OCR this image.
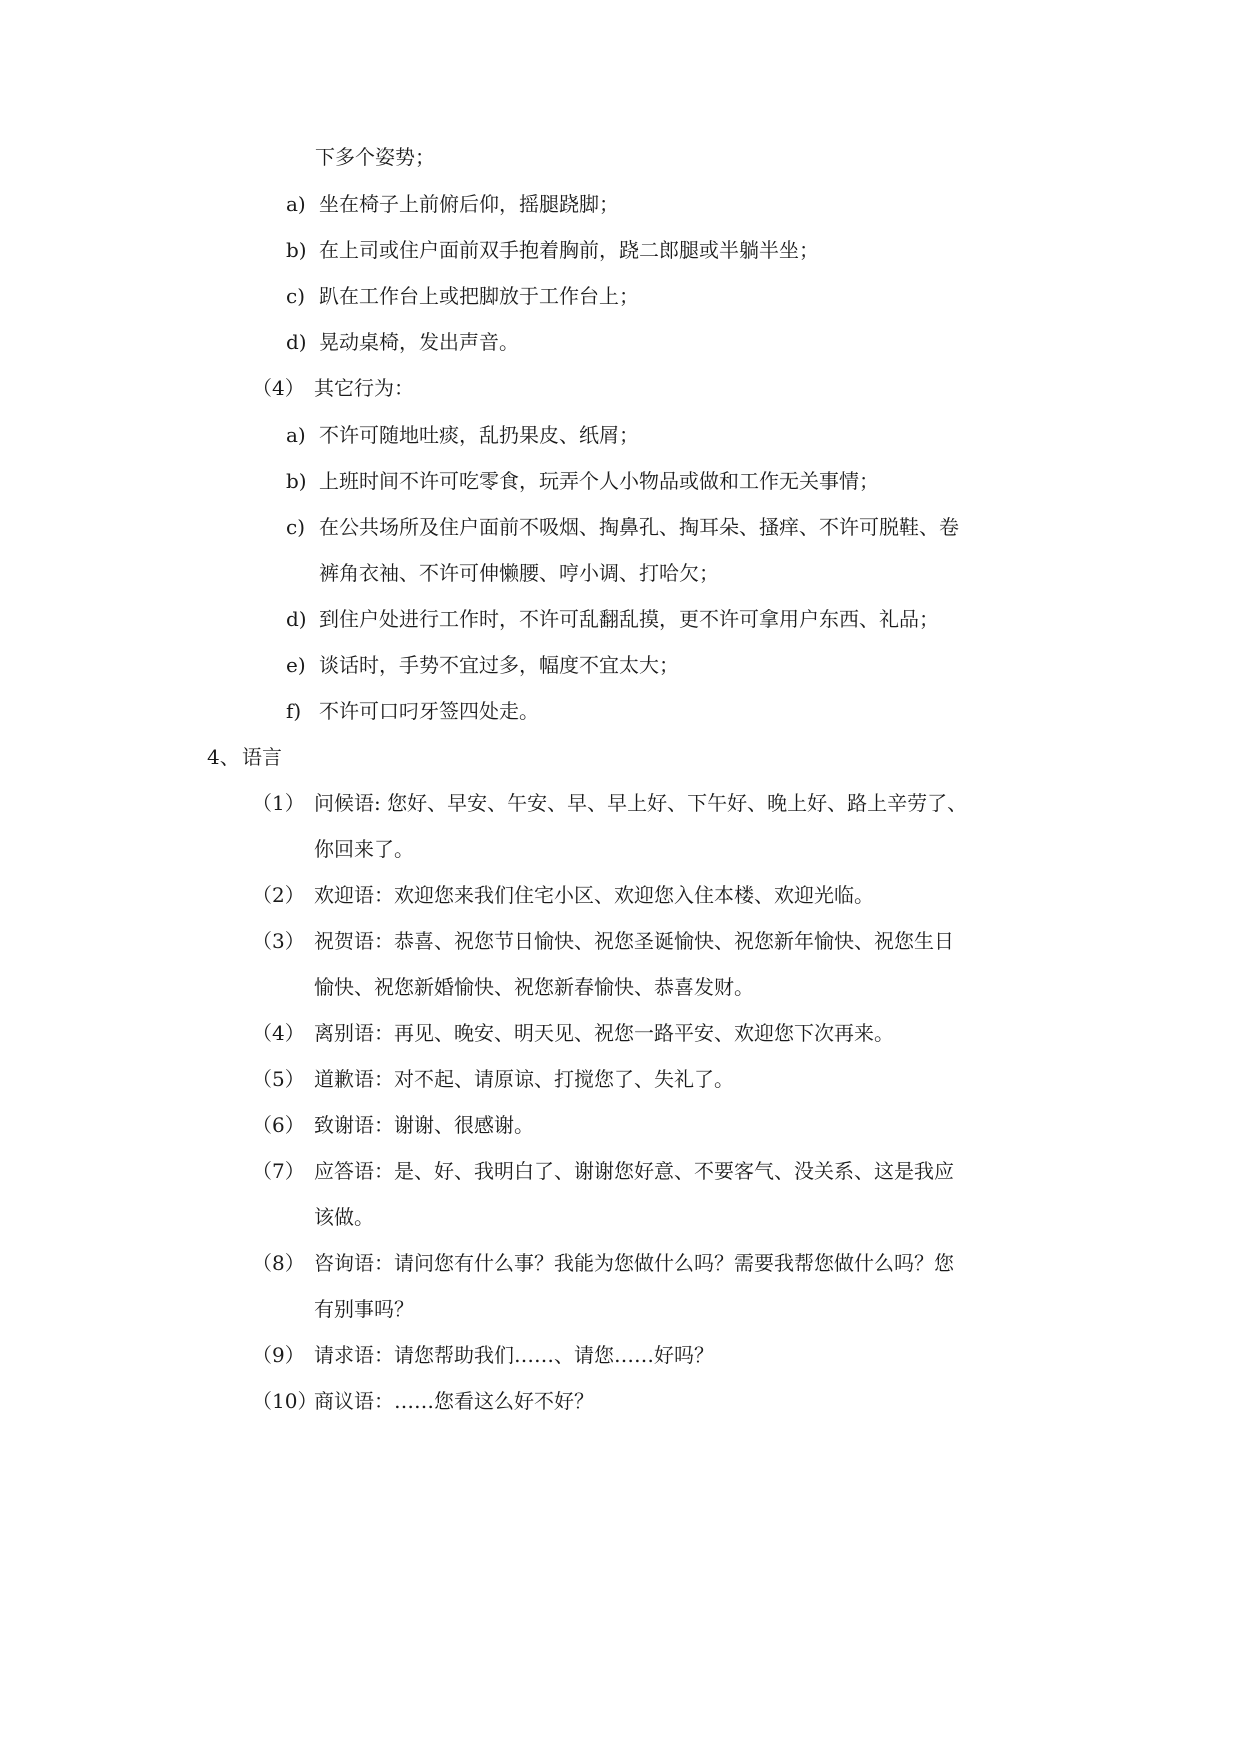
下多个姿势；
a) 坐在椅子上前俯后仰，摇腿跷脚；
b) 在上司或住户面前双手抱着胸前，跷二郎腿或半躺半坐；
c) 趴在工作台上或把脚放于工作台上；
d) 晃动桌椅，发出声音。
（4） 其它行为：
a) 不许可随地吐痰，乱扔果皮、纸屑；
b) 上班时间不许可吃零食，玩弄个人小物品或做和工作无关事情；
c) 在公共场所及住户面前不吸烟、掏鼻孔、掏耳朵、搔痒、不许可脱鞋、卷
裤角衣袖、不许可伸懒腰、哼小调、打哈欠；
d) 到住户处进行工作时，不许可乱翻乱摸，更不许可拿用户东西、礼品；
e) 谈话时，手势不宜过多，幅度不宜太大；
f) 不许可口叼牙签四处走。
4、 语言
（1） 问候语: 您好、早安、午安、早、早上好、下午好、晚上好、路上辛劳了、
你回来了。
（2） 欢迎语：欢迎您来我们住宅小区、欢迎您入住本楼、欢迎光临。
（3） 祝贺语：恭喜、祝您节日愉快、祝您圣诞愉快、祝您新年愉快、祝您生日
愉快、祝您新婚愉快、祝您新春愉快、恭喜发财。
（4） 离别语：再见、晚安、明天见、祝您一路平安、欢迎您下次再来。
（5） 道歉语：对不起、请原谅、打搅您了、失礼了。
（6） 致谢语：谢谢、很感谢。
（7） 应答语：是、好、我明白了、谢谢您好意、不要客气、没关系、这是我应
该做。
（8） 咨询语：请问您有什么事？我能为您做什么吗？需要我帮您做什么吗？您
有别事吗？
（9） 请求语：请您帮助我们……、请您……好吗？
（10）
商议语：……您看这么好不好？
